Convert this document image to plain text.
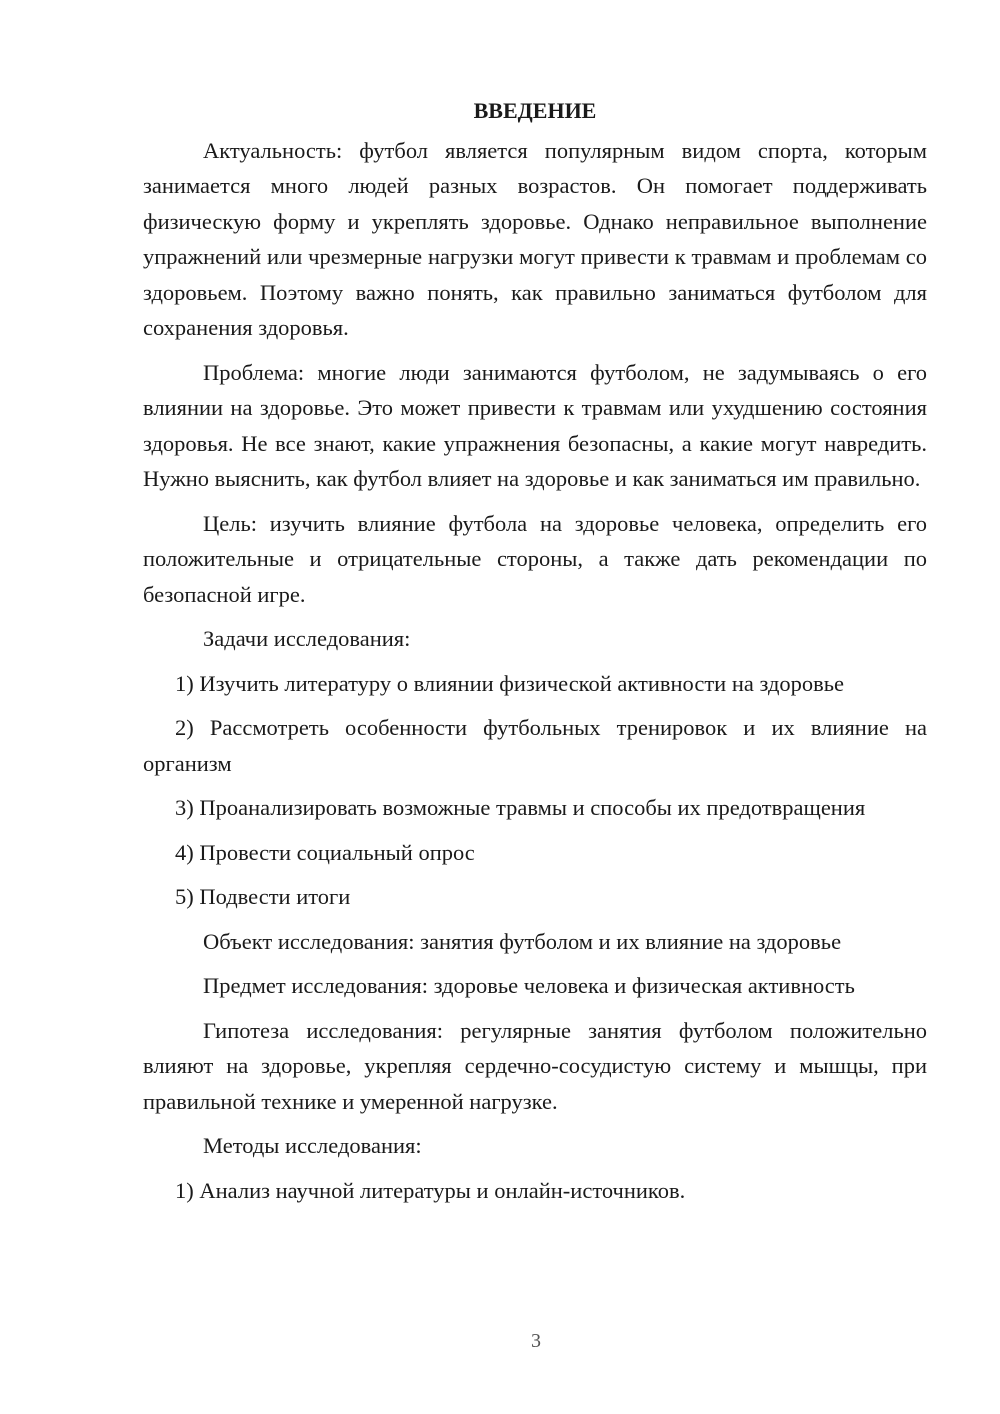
ВВЕДЕНИЕ

Актуальность: футбол является популярным видом спорта, которым занимается много людей разных возрастов. Он помогает поддерживать физическую форму и укреплять здоровье. Однако неправильное выполнение упражнений или чрезмерные нагрузки могут привести к травмам и проблемам со здоровьем. Поэтому важно понять, как правильно заниматься футболом для сохранения здоровья.

Проблема: многие люди занимаются футболом, не задумываясь о его влиянии на здоровье. Это может привести к травмам или ухудшению состояния здоровья. Не все знают, какие упражнения безопасны, а какие могут навредить. Нужно выяснить, как футбол влияет на здоровье и как заниматься им правильно.

Цель: изучить влияние футбола на здоровье человека, определить его положительные и отрицательные стороны, а также дать рекомендации по безопасной игре.

Задачи исследования:

1) Изучить литературу о влиянии физической активности на здоровье

2) Рассмотреть особенности футбольных тренировок и их влияние на организм

3) Проанализировать возможные травмы и способы их предотвращения

4) Провести социальный опрос

5) Подвести итоги

Объект исследования: занятия футболом и их влияние на здоровье

Предмет исследования: здоровье человека и физическая активность

Гипотеза исследования: регулярные занятия футболом положительно влияют на здоровье, укрепляя сердечно-сосудистую систему и мышцы, при правильной технике и умеренной нагрузке.

Методы исследования:

1) Анализ научной литературы и онлайн-источников.

3
